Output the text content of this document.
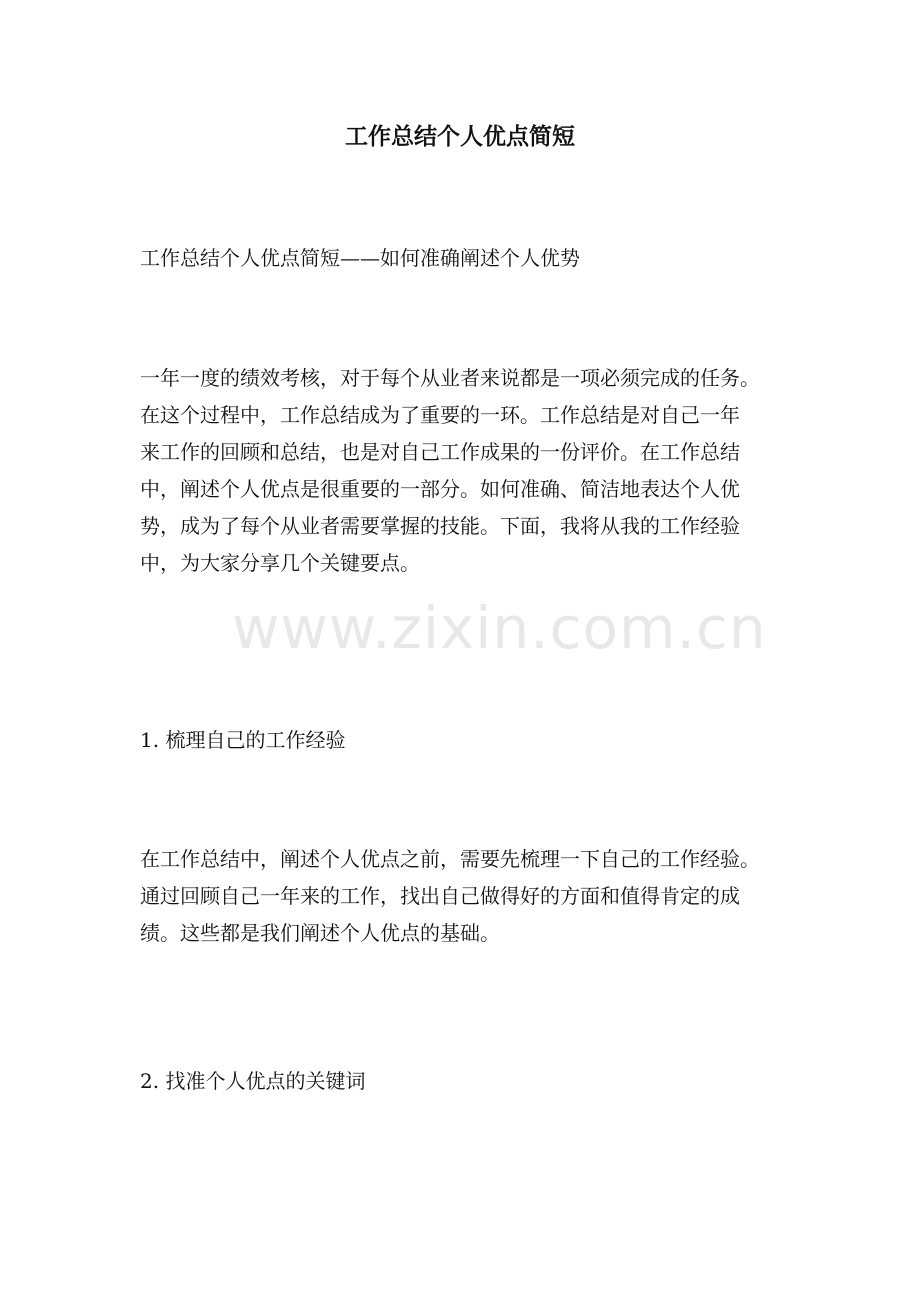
工作总结个人优点简短

工作总结个人优点简短——如何准确阐述个人优势

一年一度的绩效考核，对于每个从业者来说都是一项必须完成的任务。
在这个过程中，工作总结成为了重要的一环。工作总结是对自己一年
来工作的回顾和总结，也是对自己工作成果的一份评价。在工作总结
中，阐述个人优点是很重要的一部分。如何准确、简洁地表达个人优
势，成为了每个从业者需要掌握的技能。下面，我将从我的工作经验
中，为大家分享几个关键要点。

1. 梳理自己的工作经验

在工作总结中，阐述个人优点之前，需要先梳理一下自己的工作经验。
通过回顾自己一年来的工作，找出自己做得好的方面和值得肯定的成
绩。这些都是我们阐述个人优点的基础。

2. 找准个人优点的关键词

www.zixin.com.cn
